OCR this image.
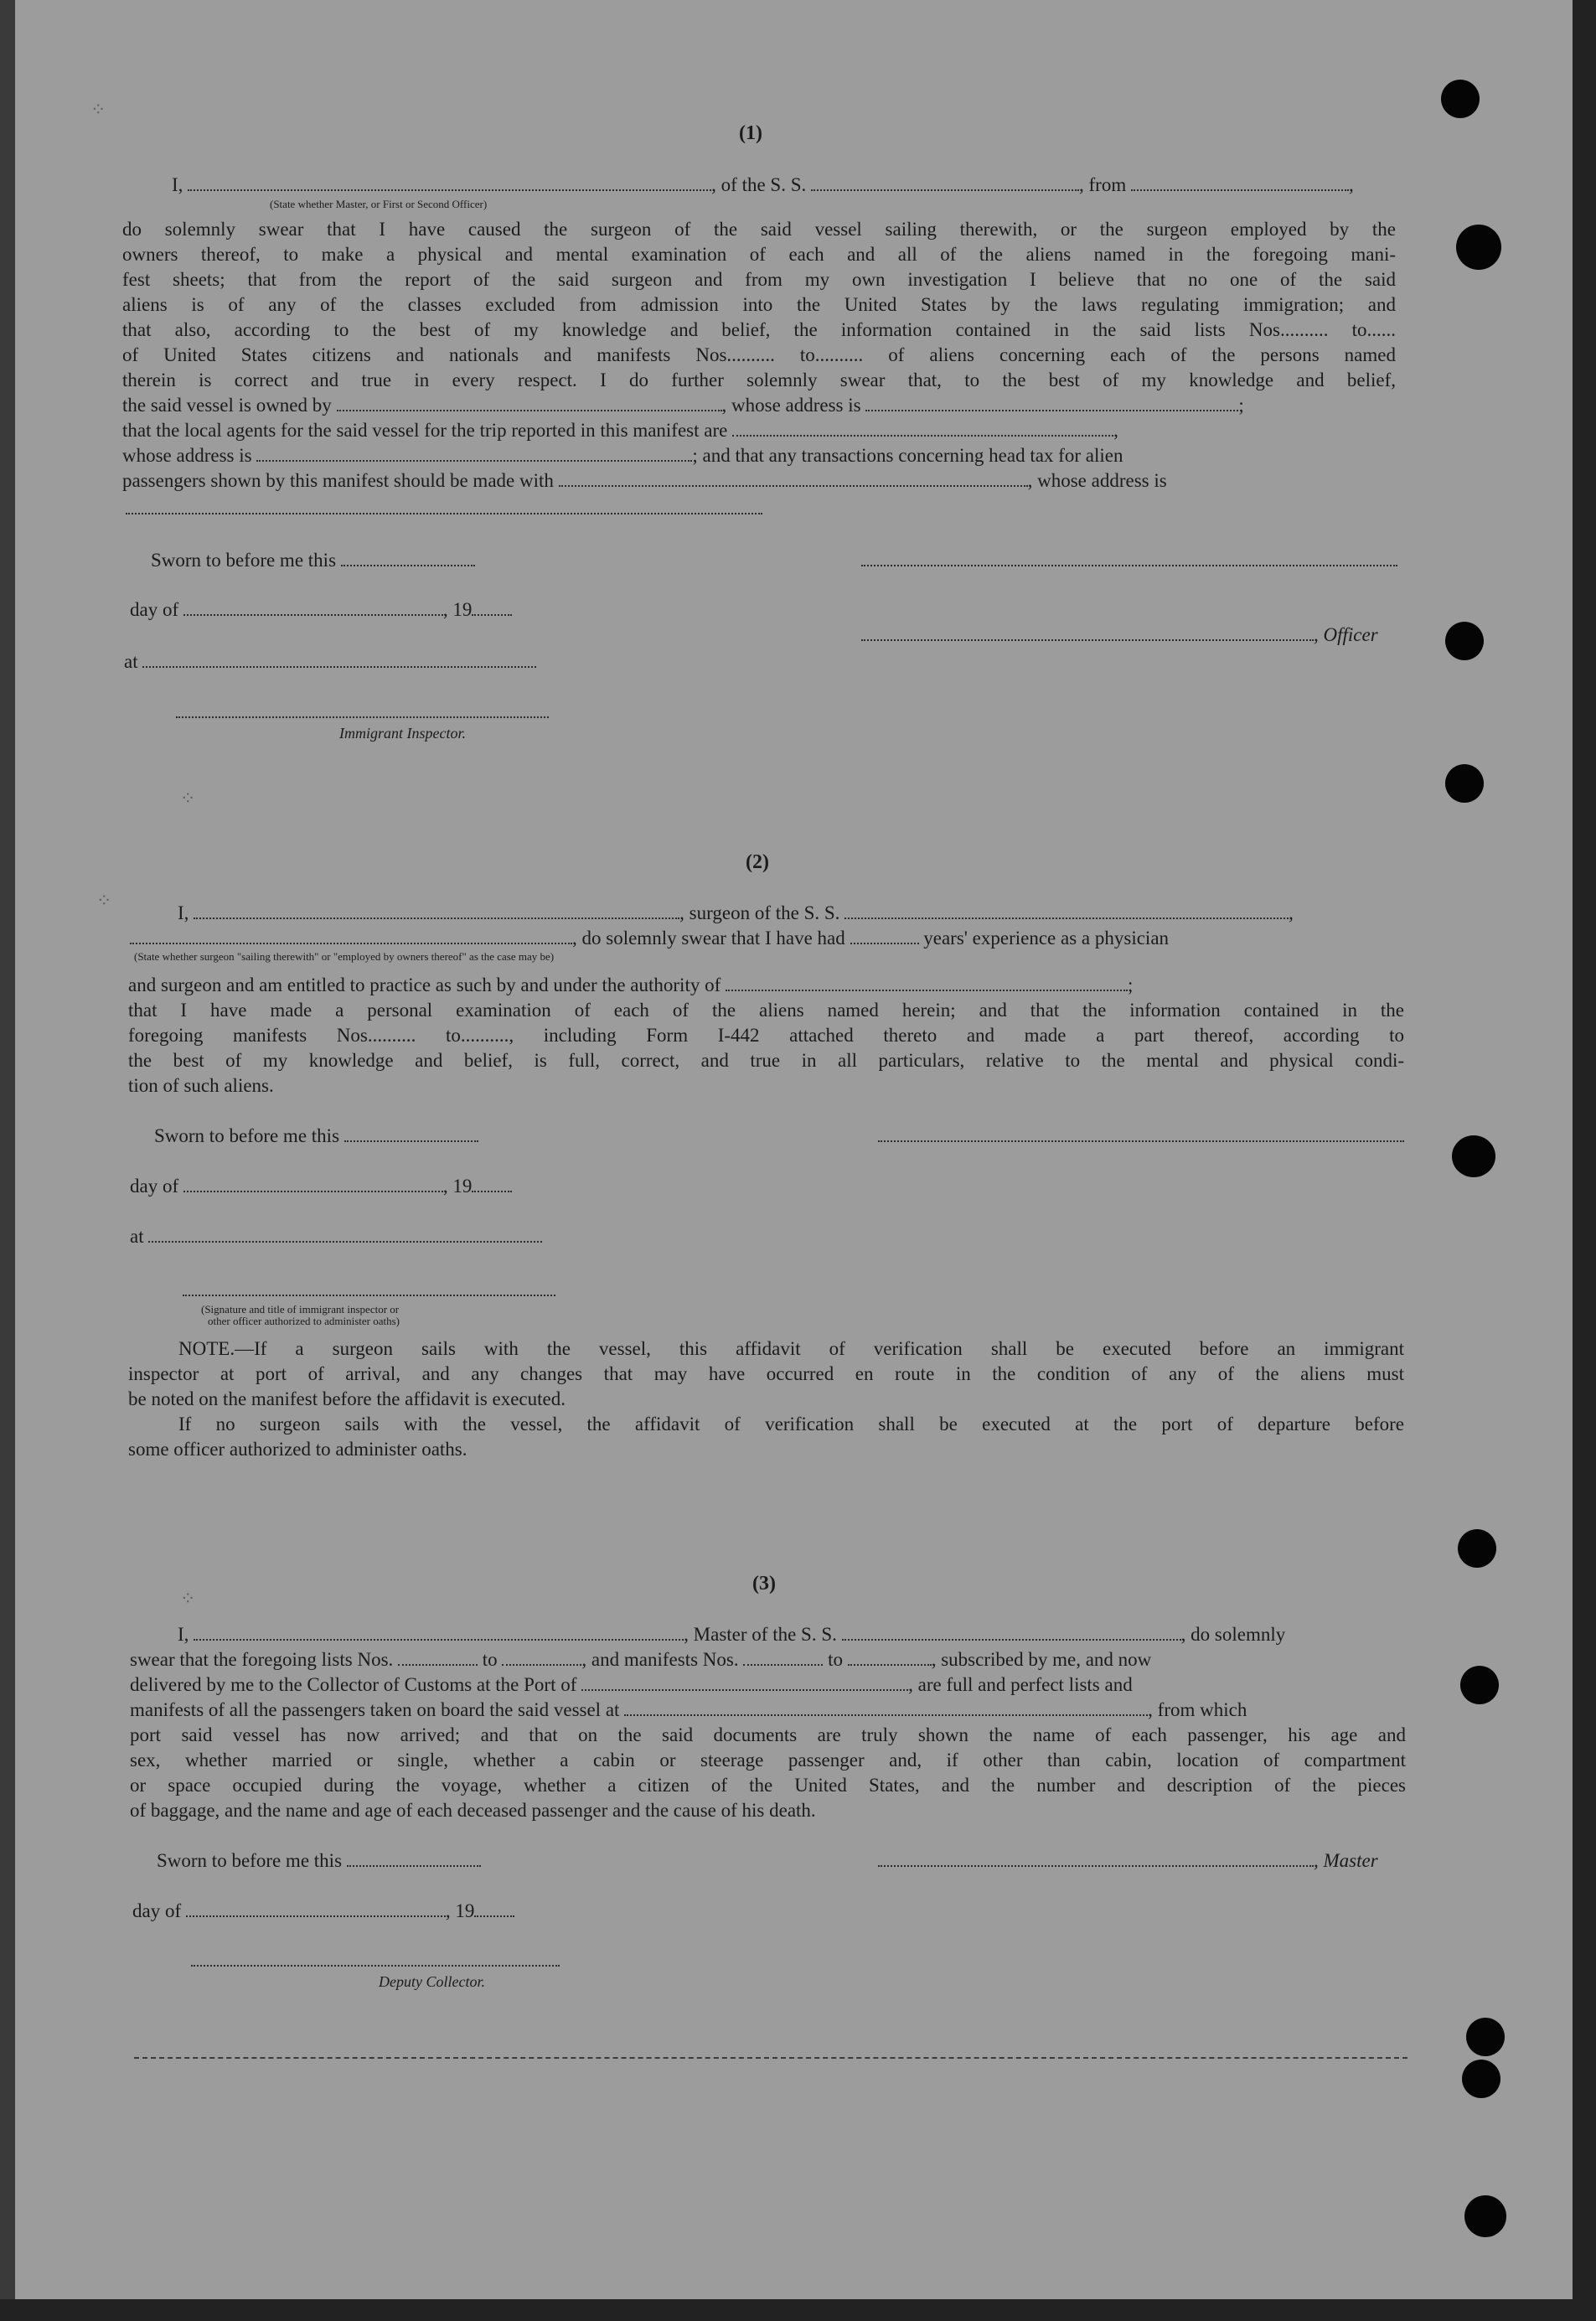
⁘
⁘
⁘
⁘
(1)
I,	, of the S. S.	, from	,
(State whether Master, or First or Second Officer)
do solemnly swear that I have caused the surgeon of the said vessel sailing therewith, or the surgeon employed by the
owners thereof, to make a physical and mental examination of each and all of the aliens named in the foregoing mani-
fest sheets; that from the report of the said surgeon and from my own investigation I believe that no one of the said
aliens is of any of the classes excluded from admission into the United States by the laws regulating immigration; and
that also, according to the best of my knowledge and belief, the information contained in the said lists Nos.......... to......
of United States citizens and nationals and manifests Nos.......... to.......... of aliens concerning each of the persons named
therein is correct and true in every respect. I do further solemnly swear that, to the best of my knowledge and belief,
the said vessel is owned by	, whose address is	;
that the local agents for the said vessel for the trip reported in this manifest are	,
whose address is	; and that any transactions concerning head tax for alien
passengers shown by this manifest should be made with	, whose address is
Sworn to before me this
day of	, 19
, Officer
at
Immigrant Inspector.
(2)
I,	, surgeon of the S. S.	,
, do solemnly swear that I have had	years' experience as a physician
(State whether surgeon "sailing therewith" or "employed by owners thereof" as the case may be)
and surgeon and am entitled to practice as such by and under the authority of	;
that I have made a personal examination of each of the aliens named herein; and that the information contained in the
foregoing manifests Nos.......... to.........., including Form I-442 attached thereto and made a part thereof, according to
the best of my knowledge and belief, is full, correct, and true in all particulars, relative to the mental and physical condi-
tion of such aliens.
Sworn to before me this
day of	, 19
at
(Signature and title of immigrant inspector or
other officer authorized to administer oaths)
NOTE.—If a surgeon sails with the vessel, this affidavit of verification shall be executed before an immigrant
inspector at port of arrival, and any changes that may have occurred en route in the condition of any of the aliens must
be noted on the manifest before the affidavit is executed.
If no surgeon sails with the vessel, the affidavit of verification shall be executed at the port of departure before
some officer authorized to administer oaths.
(3)
I,	, Master of the S. S.	, do solemnly
swear that the foregoing lists Nos.	to	, and manifests Nos.	to	, subscribed by me, and now
delivered by me to the Collector of Customs at the Port of	, are full and perfect lists and
manifests of all the passengers taken on board the said vessel at	, from which
port said vessel has now arrived; and that on the said documents are truly shown the name of each passenger, his age and
sex, whether married or single, whether a cabin or steerage passenger and, if other than cabin, location of compartment
or space occupied during the voyage, whether a citizen of the United States, and the number and description of the pieces
of baggage, and the name and age of each deceased passenger and the cause of his death.
Sworn to before me this	, Master
day of	, 19
Deputy Collector.
